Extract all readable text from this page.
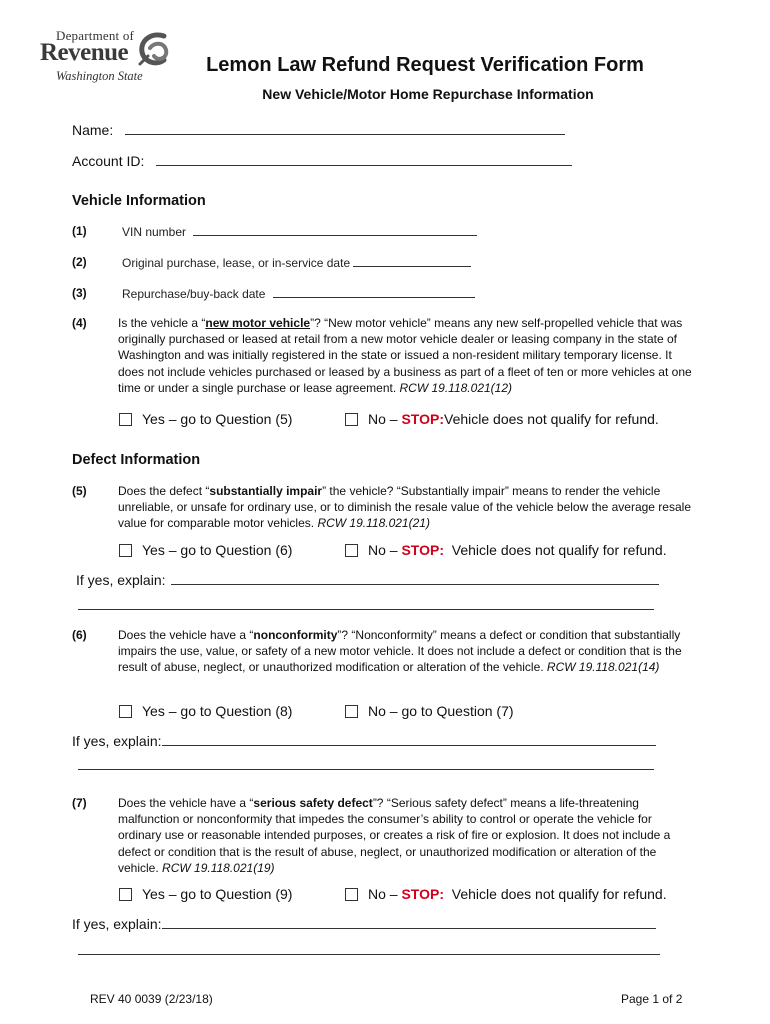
Department of
Revenue
Washington State	Lemon Law Refund Request Verification Form
New Vehicle/Motor Home Repurchase Information
Name:
Account ID:
Vehicle Information
(1)	VIN number
(2)	Original purchase, lease, or in-service date
(3)	Repurchase/buy-back date
(4)	Is the vehicle a “new motor vehicle”? “New motor vehicle” means any new self-propelled vehicle that was originally purchased or leased at retail from a new motor vehicle dealer or leasing company in the state of Washington and was initially registered in the state or issued a non-resident military temporary license. It does not include vehicles purchased or leased by a business as part of a fleet of ten or more vehicles at one time or under a single purchase or lease agreement. RCW 19.118.021(12)
Yes – go to Question (5)	No –
STOP: Vehicle does not qualify for refund.
Defect Information
(5)	Does the defect “substantially impair” the vehicle? “Substantially impair” means to render the vehicle unreliable, or unsafe for ordinary use, or to diminish the resale value of the vehicle below the average resale value for comparable motor vehicles. RCW 19.118.021(21)
Yes – go to Question (6)	No –
STOP: Vehicle does not qualify for refund.
If yes, explain:
(6)	Does the vehicle have a “nonconformity”? “Nonconformity” means a defect or condition that substantially impairs the use, value, or safety of a new motor vehicle. It does not include a defect or condition that is the result of abuse, neglect, or unauthorized modification or alteration of the vehicle. RCW 19.118.021(14)
Yes – go to Question (8)	No – go to Question (7)
If yes, explain:
(7)	Does the vehicle have a “serious safety defect”? “Serious safety defect” means a life-threatening malfunction or nonconformity that impedes the consumer’s ability to control or operate the vehicle for ordinary use or reasonable intended purposes, or creates a risk of fire or explosion. It does not include a defect or condition that is the result of abuse, neglect, or unauthorized modification or alteration of the vehicle. RCW 19.118.021(19)
Yes – go to Question (9)	No –
STOP: Vehicle does not qualify for refund.
If yes, explain:
REV 40 0039 (2/23/18)	Page 1 of 2
